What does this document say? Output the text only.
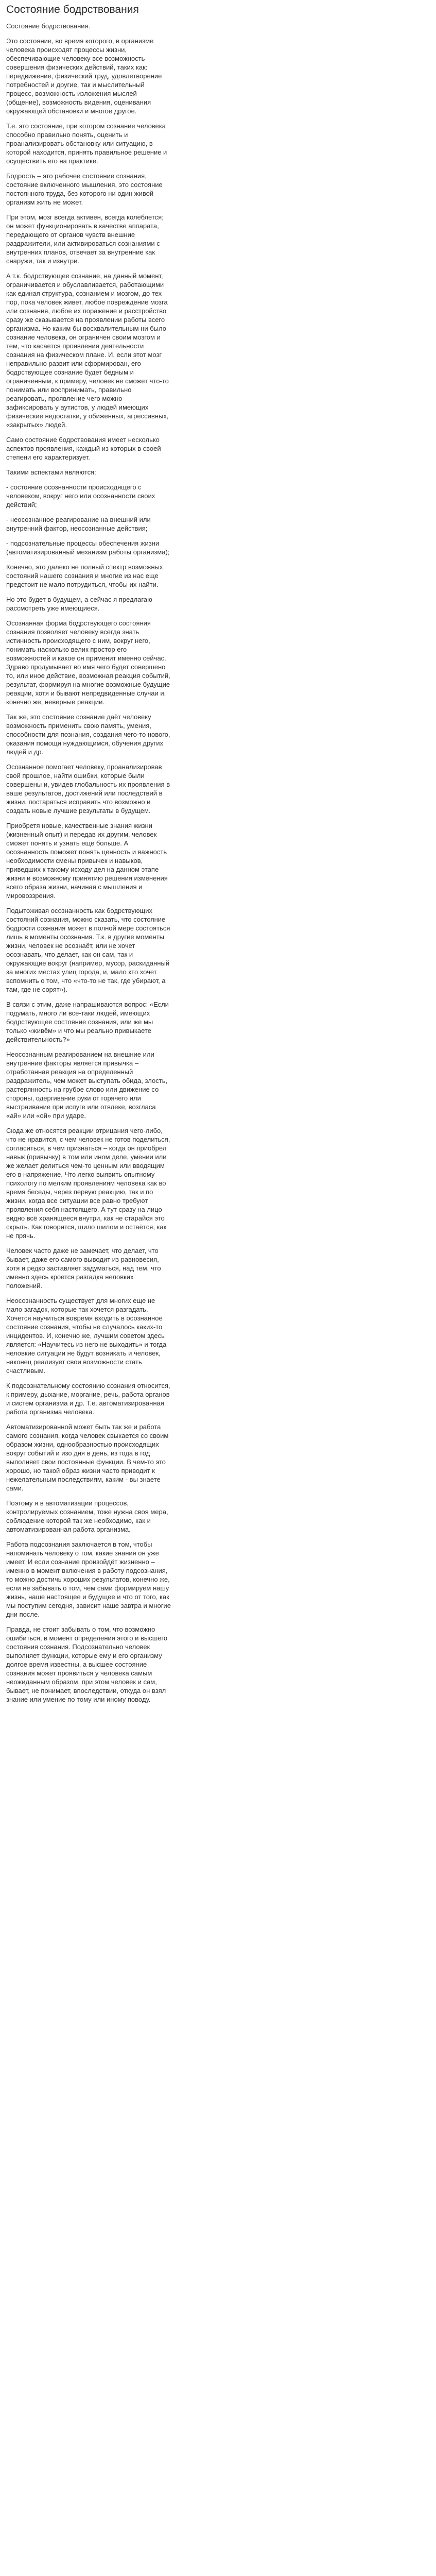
Состояние бодрствования

Состояние бодрствования.

Это состояние, во время которого, в организме человека происходят процессы жизни, обеспечивающие человеку все возможность совершения физических действий, таких как: передвижение, физический труд, удовлетворение потребностей и другие, так и мыслительный процесс, возможность изложения мыслей (общение), возможность видения, оценивания окружающей обстановки и многое другое.

Т.е. это состояние, при котором сознание человека способно правильно понять, оценить и проанализировать обстановку или ситуацию, в которой находится, принять правильное решение и осуществить его на практике.

Бодрость – это рабочее состояние сознания, состояние включенного мышления, это состояние постоянного труда, без которого ни один живой организм жить не может.

При этом, мозг всегда активен, всегда колеблется; он может функционировать в качестве аппарата, передающего от органов чувств внешние раздражители, или активироваться сознаниями с внутренних планов, отвечает за внутренние как снаружи, так и изнутри.

А т.к. бодрствующее сознание, на данный момент, ограничивается и обуславливается, работающими как единая структура, сознанием и мозгом, до тех пор, пока человек живет, любое повреждение мозга или сознания, любое их поражение и расстройство сразу же сказывается на проявлении работы всего организма. Но каким бы восхвалительным ни было сознание человека, он ограничен своим мозгом и тем, что касается проявления деятельности сознания на физическом плане. И, если этот мозг неправильно развит или сформирован, его бодрствующее сознание будет бедным и ограниченным, к примеру, человек не сможет что-то понимать или воспринимать, правильно реагировать, проявление чего можно зафиксировать у аутистов, у людей имеющих физические недостатки, у обиженных, агрессивных, «закрытых» людей.

Само состояние бодрствования имеет несколько аспектов проявления, каждый из которых в своей степени его характеризует.

Такими аспектами являются:

- состояние осознанности происходящего с человеком, вокруг него или осознанности своих действий;

- неосознанное реагирование на внешний или внутренний фактор, неосознанные действия;

- подсознательные процессы обеспечения жизни (автоматизированный механизм работы организма);

Конечно, это далеко не полный спектр возможных состояний нашего сознания и многие из нас еще предстоит не мало потрудиться, чтобы их найти.

Но это будет в будущем, а сейчас я предлагаю рассмотреть уже имеющиеся.

Осознанная форма бодрствующего состояния сознания позволяет человеку всегда знать истинность происходящего с ним, вокруг него, понимать насколько велик простор его возможностей и какое он применит именно сейчас. Здраво продумывает во имя чего будет совершено то, или иное действие, возможная реакция событий, результат, формируя на многие возможные будущие реакции, хотя и бывают непредвиденные случаи и, конечно же, неверные реакции.

Так же, это состояние сознание даёт человеку возможность применить свою память, умения, способности для познания, создания чего-то нового, оказания помощи нуждающимся, обучения других людей и др.

Осознанное помогает человеку, проанализировав свой прошлое, найти ошибки, которые были совершены и, увидев глобальность их проявления в ваше результатов, достижений или последствий в жизни, постараться исправить что возможно и создать новые лучшие результаты в будущем.

Приобретя новые, качественные знания жизни (жизненный опыт) и передав их другим, человек сможет понять и узнать еще больше. А осознанность поможет понять ценность и важность необходимости смены привычек и навыков, приведших к такому исходу дел на данном этапе жизни и возможному принятию решения изменения всего образа жизни, начиная с мышления и мировоззрения.

Подытоживая осознанность как бодрствующих состояний сознания, можно сказать, что состояние бодрости сознания может в полной мере состояться лишь в моменты осознания. Т.к. в другие моменты жизни, человек не осознаёт, или не хочет осознавать, что делает, как он сам, так и окружающие вокруг (например, мусор, раскиданный за многих местах улиц города, и, мало кто хочет вспомнить о том, что «что-то не так, где убирают, а там, где не сорят»).

В связи с этим, даже напрашиваются вопрос: «Если подумать, много ли все-таки людей, имеющих бодрствующее состояние сознания, или же мы только «живём» и что мы реально привыкаете действительность?»

Неосознанным реагированием на внешние или внутренние факторы является привычка – отработанная реакция на определенный раздражитель, чем может выступать обида, злость, растерянность на грубое слово или движение со стороны, одергивание руки от горячего или выстраивание при испуге или отвлеке, возгласа «ай» или «ой» при ударе.

Сюда же относятся реакции отрицания чего-либо, что не нравится, с чем человек не готов поделиться, согласиться, в чем признаться – когда он приобрел навык (привычку) в том или ином деле, умении или же желает делиться чем-то ценным или вводящим его в напряжение. Что легко выявить опытному психологу по мелким проявлениям человека как во время беседы, через первую реакцию, так и по жизни, когда все ситуации все равно требуют проявления себя настоящего. А тут сразу на лицо видно всё хранящееся внутри, как не старайся это скрыть. Как говорится, шило шилом и остаётся, как не прячь.

Человек часто даже не замечает, что делает, что бывает, даже его самого выводит из равновесия, хотя и редко заставляет задуматься, над тем, что именно здесь кроется разгадка неловких положений.

Неосознанность существует для многих еще не мало загадок, которые так хочется разгадать. Хочется научиться вовремя входить в осознанное состояние сознания, чтобы не случалось каких-то инцидентов. И, конечно же, лучшим советом здесь является: «Научитесь из него не выходить» и тогда неловкие ситуации не будут возникать и человек, наконец реализует свои возможности стать счастливым.

К подсознательному состоянию сознания относится, к примеру, дыхание, моргание, речь, работа органов и систем организма и др. Т.е. автоматизированная работа организма человека.

Автоматизированной может быть так же и работа самого сознания, когда человек свыкается со своим образом жизни, однообразностью происходящих вокруг событий и изо дня в день, из года в год выполняет свои постоянные функции. В чем-то это хорошо, но такой образ жизни часто приводит к нежелательным последствиям, каким - вы знаете сами.

Поэтому я в автоматизации процессов, контролируемых сознанием, тоже нужна своя мера, соблюдение которой так же необходимо, как и автоматизированная работа организма.

Работа подсознания заключается в том, чтобы напоминать человеку о том, какие знания он уже имеет. И если сознание произойдёт жизненно – именно в момент включения в работу подсознания, то можно достичь хороших результатов, конечно же, если не забывать о том, чем сами формируем нашу жизнь, наше настоящее и будущее и что от того, как мы поступим сегодня, зависит наше завтра и многие дни после.

Правда, не стоит забывать о том, что возможно ошибиться, в момент определения этого и высшего состояния сознания. Подсознательно человек выполняет функции, которые ему и его организму долгое время известны, а высшее состояние сознания может проявиться у человека самым неожиданным образом, при этом человек и сам, бывает, не понимает, впоследствии, откуда он взял знание или умение по тому или иному поводу.
